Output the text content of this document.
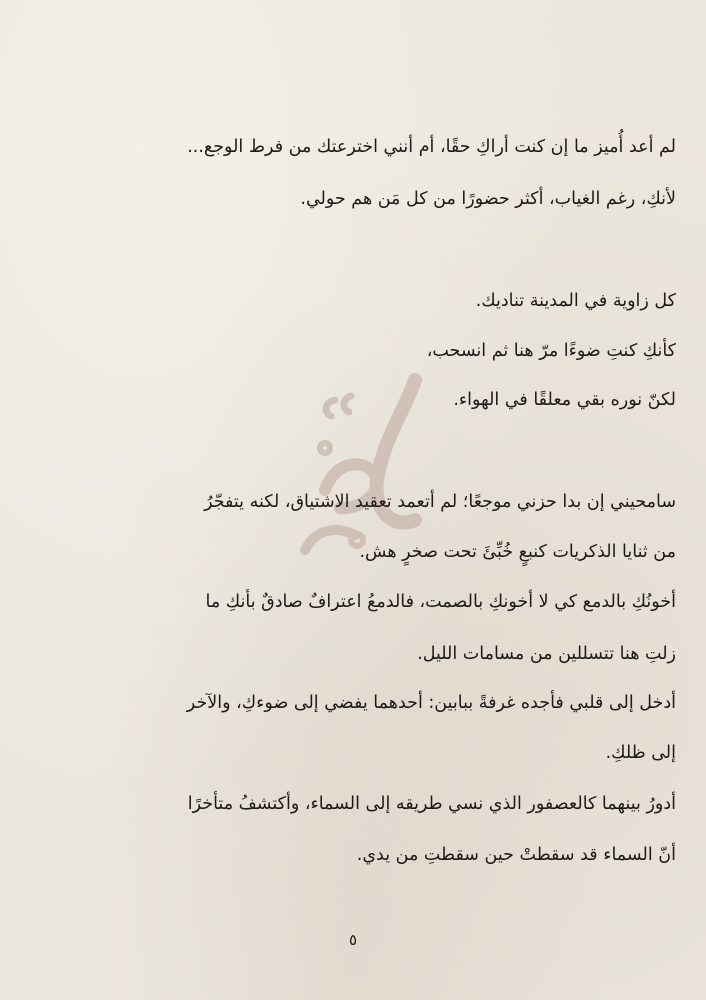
لم أعد أُميز ما إن كنت أراكِ حقًا، أم أنني اخترعتك من فرط الوجع...

لأنكِ، رغم الغياب، أكثر حضورًا من كل مَن هم حولي.

كل زاوية في المدينة تناديك.

كأنكِ كنتِ ضوءًا مرّ هنا ثم انسحب،

لكنّ نوره بقي معلقًا في الهواء.

سامحيني إن بدا حزني موجعًا؛ لم أتعمد تعقيد الاشتياق، لكنه يتفجّرُ

من ثنايا الذكريات كنبعٍ خُبِّئَ تحت صخرٍ هش.

أخونُكِ بالدمع كي لا أخونكِ بالصمت، فالدمعُ اعترافٌ صادقٌ بأنكِ ما

زلتِ هنا تتسللين من مسامات الليل.

أدخل إلى قلبي فأجده غرفةً ببابين: أحدهما يفضي إلى ضوءكِ، والآخر

إلى ظلكِ.

أدورُ بينهما كالعصفور الذي نسي طريقه إلى السماء، وأكتشفُ متأخرًا

أنّ السماء قد سقطتْ حين سقطتِ من يدي.

٥
